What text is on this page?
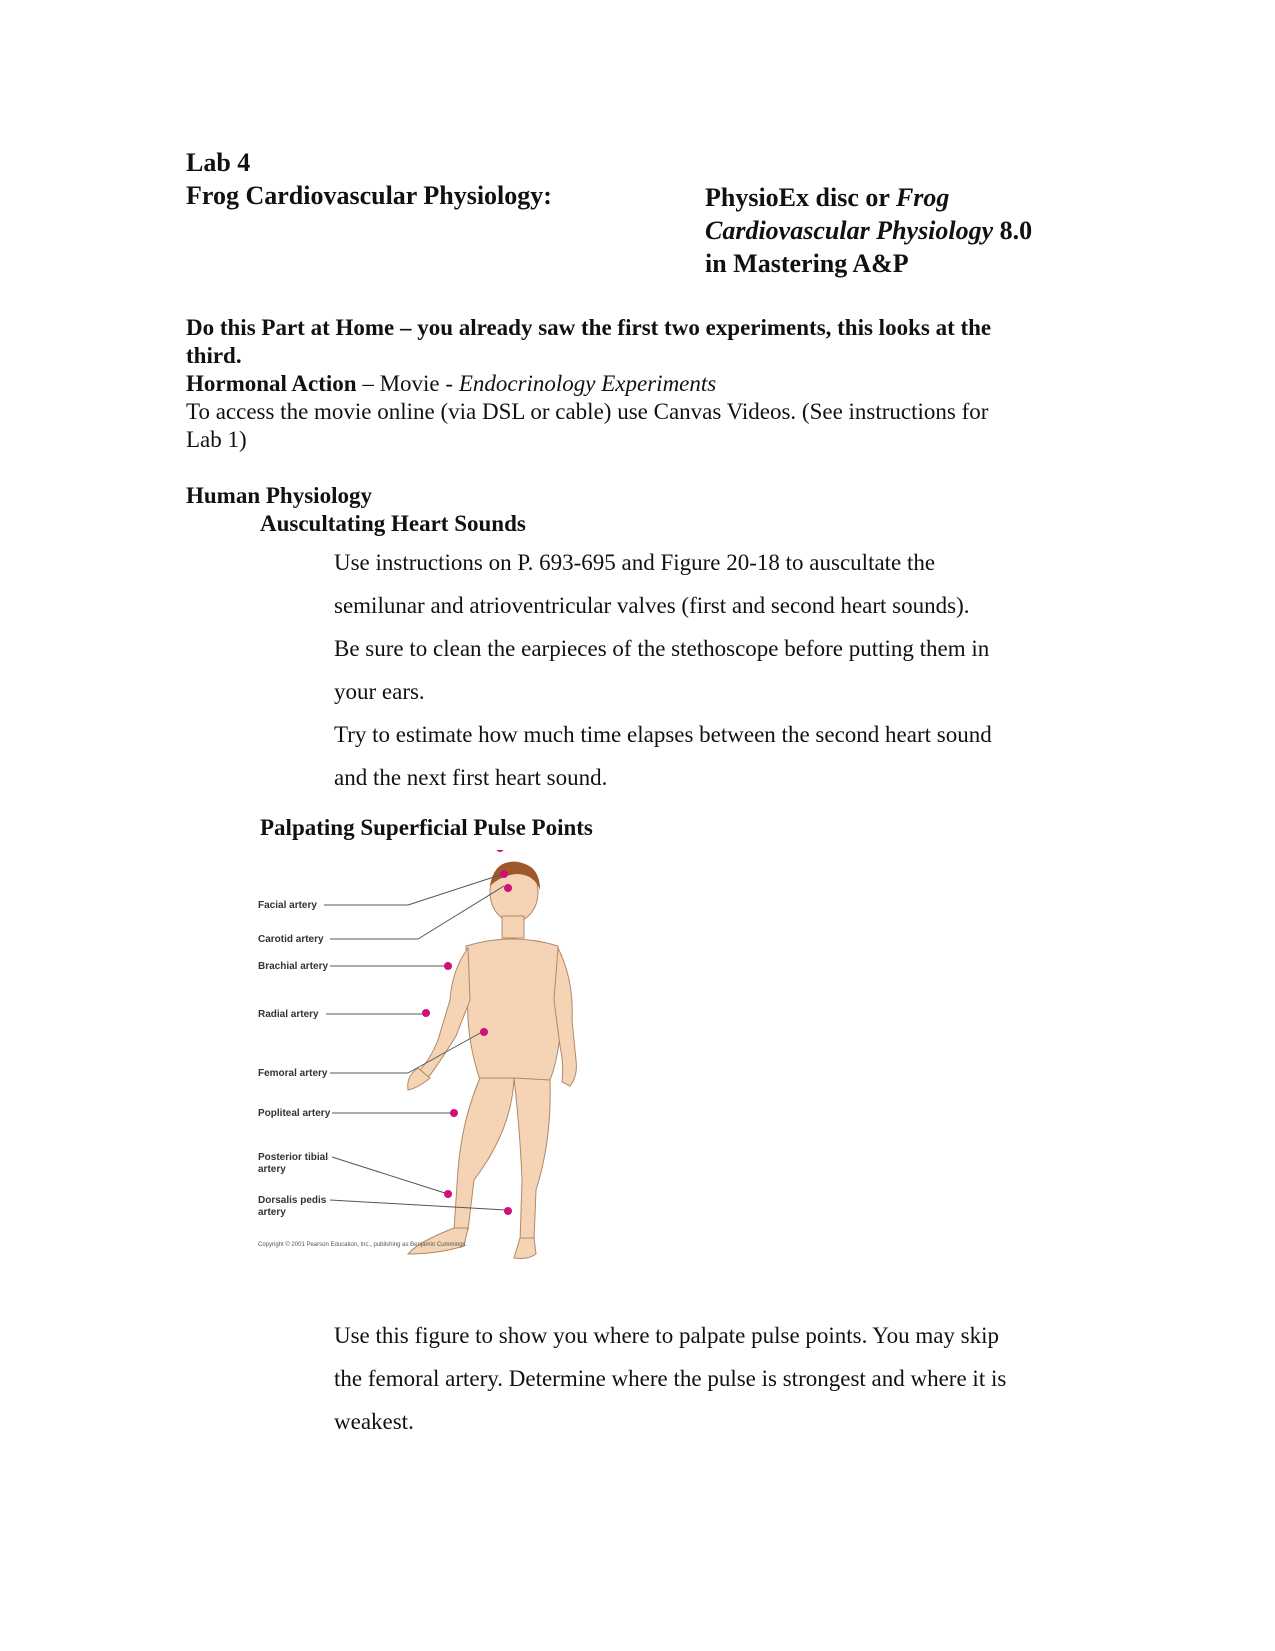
Lab 4
Frog Cardiovascular Physiology:	PhysioEx disc or Frog
Cardiovascular Physiology 8.0
in Mastering A&P
Do this Part at Home – you already saw the first two experiments, this looks at the
third.
Hormonal Action – Movie - Endocrinology Experiments
To access the movie online (via DSL or cable) use Canvas Videos. (See instructions for
Lab 1)
Human Physiology
Auscultating Heart Sounds
Use instructions on P. 693-695 and Figure 20-18 to auscultate the
semilunar and atrioventricular valves (first and second heart sounds).
Be sure to clean the earpieces of the stethoscope before putting them in
your ears.
Try to estimate how much time elapses between the second heart sound
and the next first heart sound.
Palpating Superficial Pulse Points
Facial artery
Carotid artery
Brachial artery
Radial artery
Femoral artery
Popliteal artery
Posterior tibial
artery
Dorsalis pedis
artery
Copyright © 2001 Pearson Education, Inc., publishing as Benjamin Cummings.
Use this figure to show you where to palpate pulse points. You may skip
the femoral artery. Determine where the pulse is strongest and where it is
weakest.
